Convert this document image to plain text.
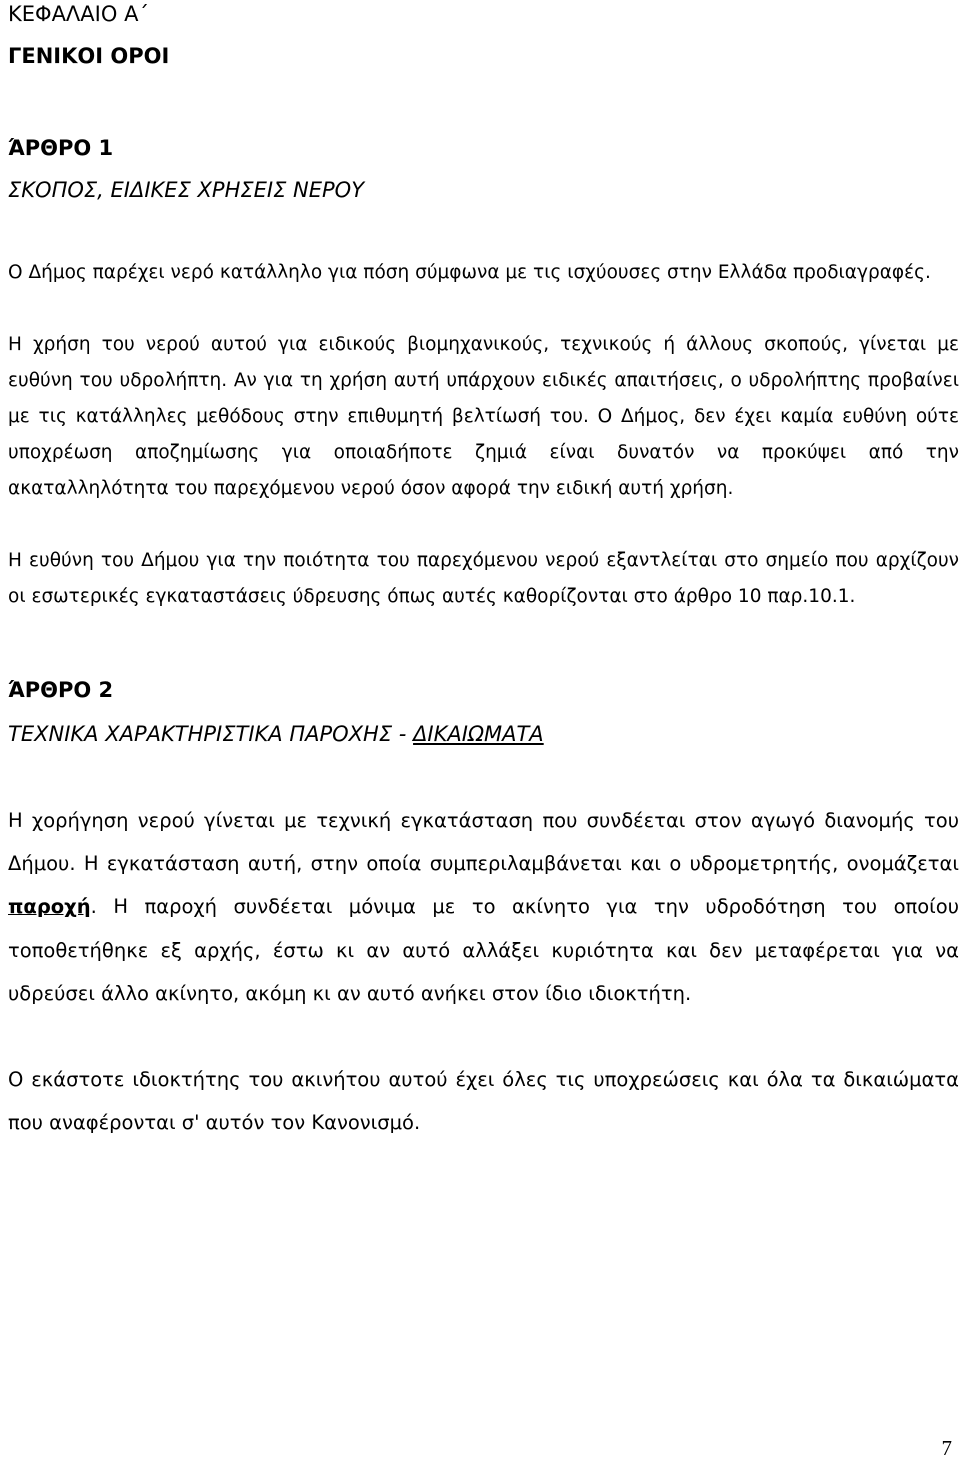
ΚΕΦΑΛΑΙΟ Α΄
ΓΕΝΙΚΟΙ ΟΡΟΙ
ΆΡΘΡΟ 1
ΣΚΟΠΟΣ, ΕΙΔΙΚΕΣ ΧΡΗΣΕΙΣ ΝΕΡΟΥ

Ο Δήμος παρέχει νερό κατάλληλο για πόση σύμφωνα με τις ισχύουσες στην Ελλάδα προδιαγραφές.

Η χρήση του νερού αυτού για ειδικούς βιομηχανικούς, τεχνικούς ή άλλους σκοπούς, γίνεται με ευθύνη του υδρολήπτη. Αν για τη χρήση αυτή υπάρχουν ειδικές απαιτήσεις, ο υδρολήπτης προβαίνει με τις κατάλληλες μεθόδους στην επιθυμητή βελτίωσή του. Ο Δήμος, δεν έχει καμία ευθύνη ούτε υποχρέωση αποζημίωσης για οποιαδήποτε ζημιά είναι δυνατόν να προκύψει από την ακαταλληλότητα του παρεχόμενου νερού όσον αφορά την ειδική αυτή χρήση.

Η ευθύνη του Δήμου για την ποιότητα του παρεχόμενου νερού εξαντλείται στο σημείο που αρχίζουν οι εσωτερικές εγκαταστάσεις ύδρευσης όπως αυτές καθορίζονται στο άρθρο 10 παρ.10.1.

ΆΡΘΡΟ 2
ΤΕΧΝΙΚΑ ΧΑΡΑΚΤΗΡΙΣΤΙΚΑ ΠΑΡΟΧΗΣ - ΔΙΚΑΙΩΜΑΤΑ

Η χορήγηση νερού γίνεται με τεχνική εγκατάσταση που συνδέεται στον αγωγό διανομής του Δήμου. Η εγκατάσταση αυτή, στην οποία συμπεριλαμβάνεται και ο υδρομετρητής, ονομάζεται παροχή. Η παροχή συνδέεται μόνιμα με το ακίνητο για την υδροδότηση του οποίου τοποθετήθηκε εξ αρχής, έστω κι αν αυτό αλλάξει κυριότητα και δεν μεταφέρεται για να υδρεύσει άλλο ακίνητο, ακόμη κι αν αυτό ανήκει στον ίδιο ιδιοκτήτη.

Ο εκάστοτε ιδιοκτήτης του ακινήτου αυτού έχει όλες τις υποχρεώσεις και όλα τα δικαιώματα που αναφέρονται σ' αυτόν τον Κανονισμό.

7
